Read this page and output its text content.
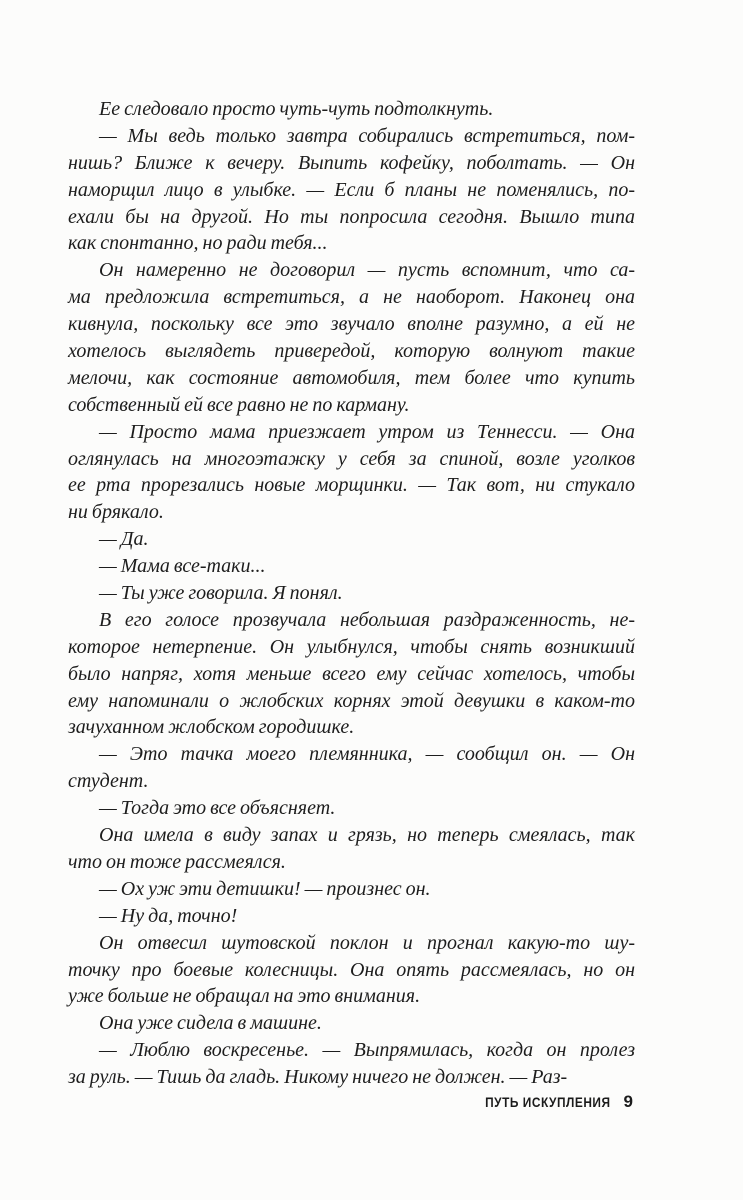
Ее следовало просто чуть-чуть подтолкнуть.
— Мы ведь только завтра собирались встретиться, пом-
нишь? Ближе к вечеру. Выпить кофейку, поболтать. — Он
наморщил лицо в улыбке. — Если б планы не поменялись, по-
ехали бы на другой. Но ты попросила сегодня. Вышло типа
как спонтанно, но ради тебя...
Он намеренно не договорил — пусть вспомнит, что са-
ма предложила встретиться, а не наоборот. Наконец она
кивнула, поскольку все это звучало вполне разумно, а ей не
хотелось выглядеть привередой, которую волнуют такие
мелочи, как состояние автомобиля, тем более что купить
собственный ей все равно не по карману.
— Просто мама приезжает утром из Теннесси. — Она
оглянулась на многоэтажку у себя за спиной, возле уголков
ее рта прорезались новые морщинки. — Так вот, ни стукало
ни брякало.
— Да.
— Мама все-таки...
— Ты уже говорила. Я понял.
В его голосе прозвучала небольшая раздраженность, не-
которое нетерпение. Он улыбнулся, чтобы снять возникший
было напряг, хотя меньше всего ему сейчас хотелось, чтобы
ему напоминали о жлобских корнях этой девушки в каком-то
зачуханном жлобском городишке.
— Это тачка моего племянника, — сообщил он. — Он
студент.
— Тогда это все объясняет.
Она имела в виду запах и грязь, но теперь смеялась, так
что он тоже рассмеялся.
— Ох уж эти детишки! — произнес он.
— Ну да, точно!
Он отвесил шутовской поклон и прогнал какую-то шу-
точку про боевые колесницы. Она опять рассмеялась, но он
уже больше не обращал на это внимания.
Она уже сидела в машине.
— Люблю воскресенье. — Выпрямилась, когда он пролез
за руль. — Тишь да гладь. Никому ничего не должен. — Раз-
ПУТЬ ИСКУПЛЕНИЯ 9
